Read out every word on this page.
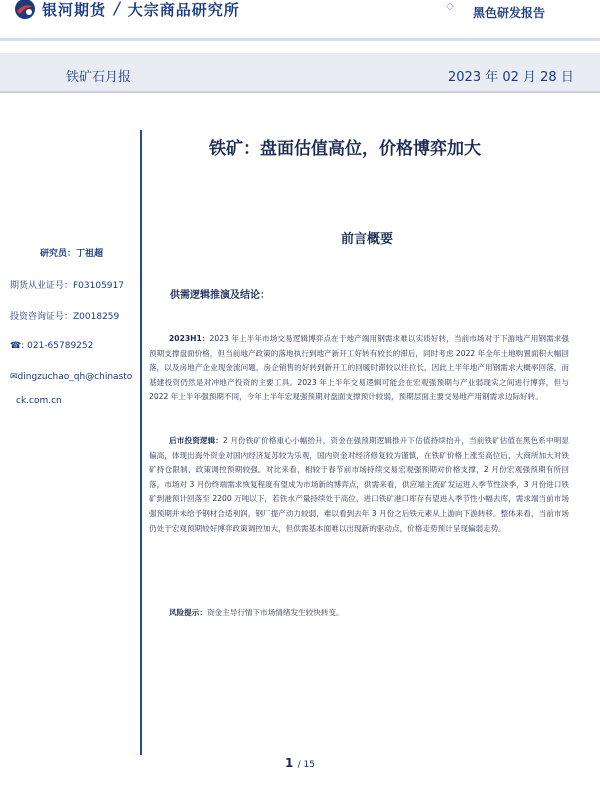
银河期货 / 大宗商品研究所	◇ 黑色研发报告
铁矿石月报	2023 年 02 月 28 日
铁矿：盘面估值高位，价格博弈加大
研究员：丁祖超
期货从业证号：F03105917
投资咨询证号：Z0018259
☎: 021-65789252
✉dingzuchao_qh@chinasto
ck.com.cn
前言概要
供需逻辑推演及结论：
2023H1：2023 年上半年市场交易逻辑博弈点在于地产端用钢需求难以实质好转，当前市场对于下游地产用钢需求强预期支撑盘面价格，但当前地产政策的落地执行到地产新开工好转有较长的滞后，同时考虑 2022 年全年土地购置面积大幅回落，以及房地产企业现金流问题，房企销售的好转到新开工的回暖时滞较以往拉长，因此上半年地产用钢需求大概率回落，而基建投资仍然是对冲地产投资的主要工具。2023 年上半年交易逻辑可能会在宏观强预期与产业弱现实之间进行博弈，但与 2022 年上半年强预期不同，今年上半年宏观强预期对盘面支撑预计较弱，预期层面主要交易地产用钢需求边际好转。
后市投资逻辑：2 月份铁矿价格重心小幅抬升，资金在强预期逻辑推升下估值持续抬升，当前铁矿估值在黑色系中明显偏高，体现出海外资金对国内经济复苏较为乐观，国内资金对经济修复较为谨慎，在铁矿价格上涨至高位后，大商所加大对铁矿持仓限制，政策调控预期较强。对比来看，相较于春节前市场持续交易宏观强预期对价格支撑，2 月份宏观强预期有所回落，市场对 3 月份终端需求恢复程度有望成为市场新的博弈点，供需来看，供应端主流矿发运进入季节性淡季，3 月份进口铁矿到港预计回落至 2200 万吨以下，若铁水产量持续处于高位，进口铁矿港口库存有望进入季节性小幅去库，需求端当前市场强预期并未给予钢材合适利润，钢厂提产动力较弱，难以看到去年 3 月份之后铁元素从上游向下游转移。整体来看，当前市场仍处于宏观预期较好博弈政策调控加大，但供需基本面难以出现新的驱动点，价格走势预计呈现偏弱走势。
风险提示：资金主导行情下市场情绪发生较快转变。
1 / 15
